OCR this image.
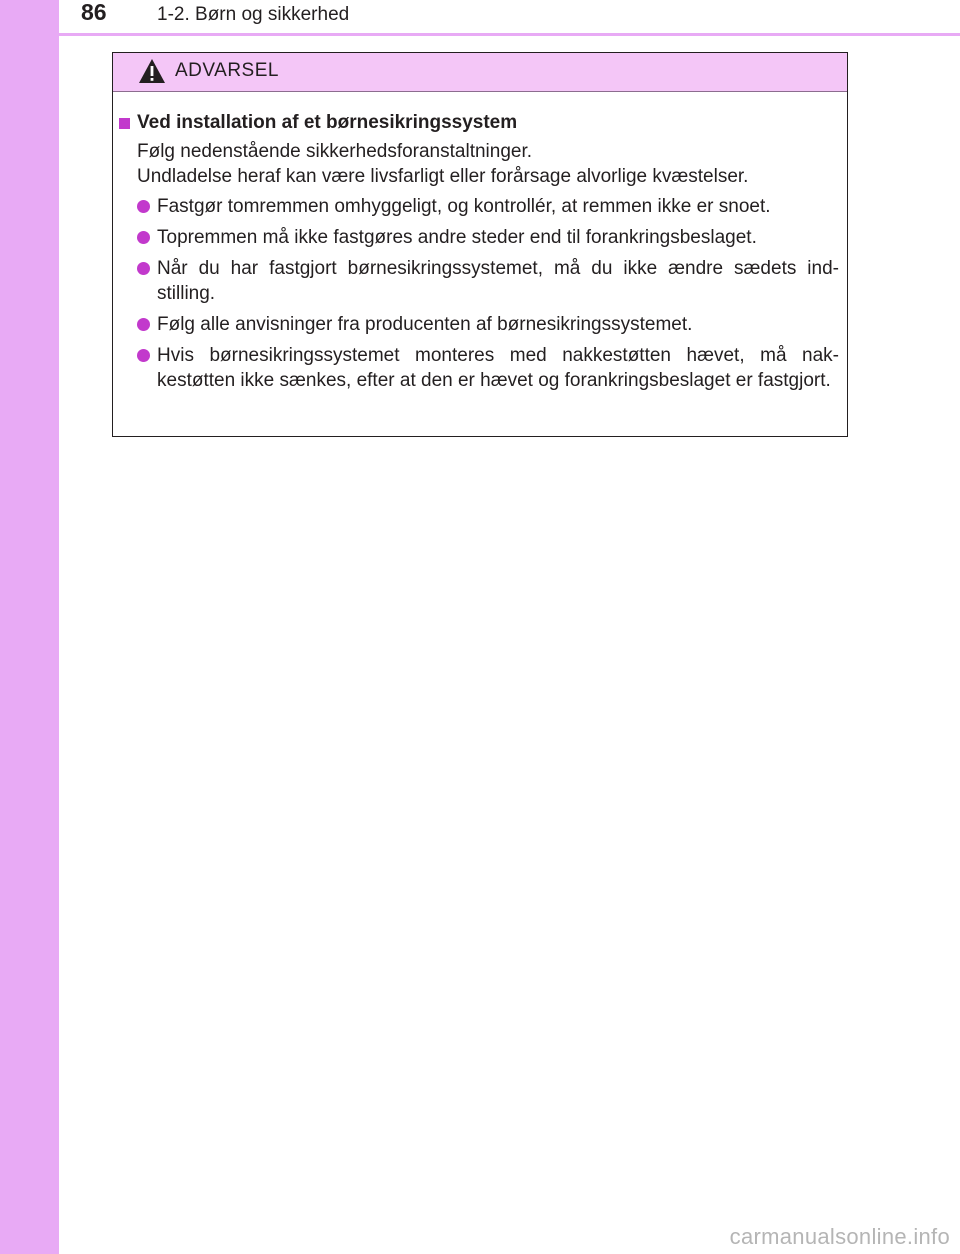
86	1-2. Børn og sikkerhed
ADVARSEL
Ved installation af et børnesikringssystem
Følg nedenstående sikkerhedsforanstaltninger.
Undladelse heraf kan være livsfarligt eller forårsage alvorlige kvæstelser.
Fastgør tomremmen omhyggeligt, og kontrollér, at remmen ikke er snoet.
Topremmen må ikke fastgøres andre steder end til forankringsbeslaget.
Når du har fastgjort børnesikringssystemet, må du ikke ændre sædets ind-stilling.
Følg alle anvisninger fra producenten af børnesikringssystemet.
Hvis børnesikringssystemet monteres med nakkestøtten hævet, må nak-kestøtten ikke sænkes, efter at den er hævet og forankringsbeslaget er fastgjort.
carmanualsonline.info
